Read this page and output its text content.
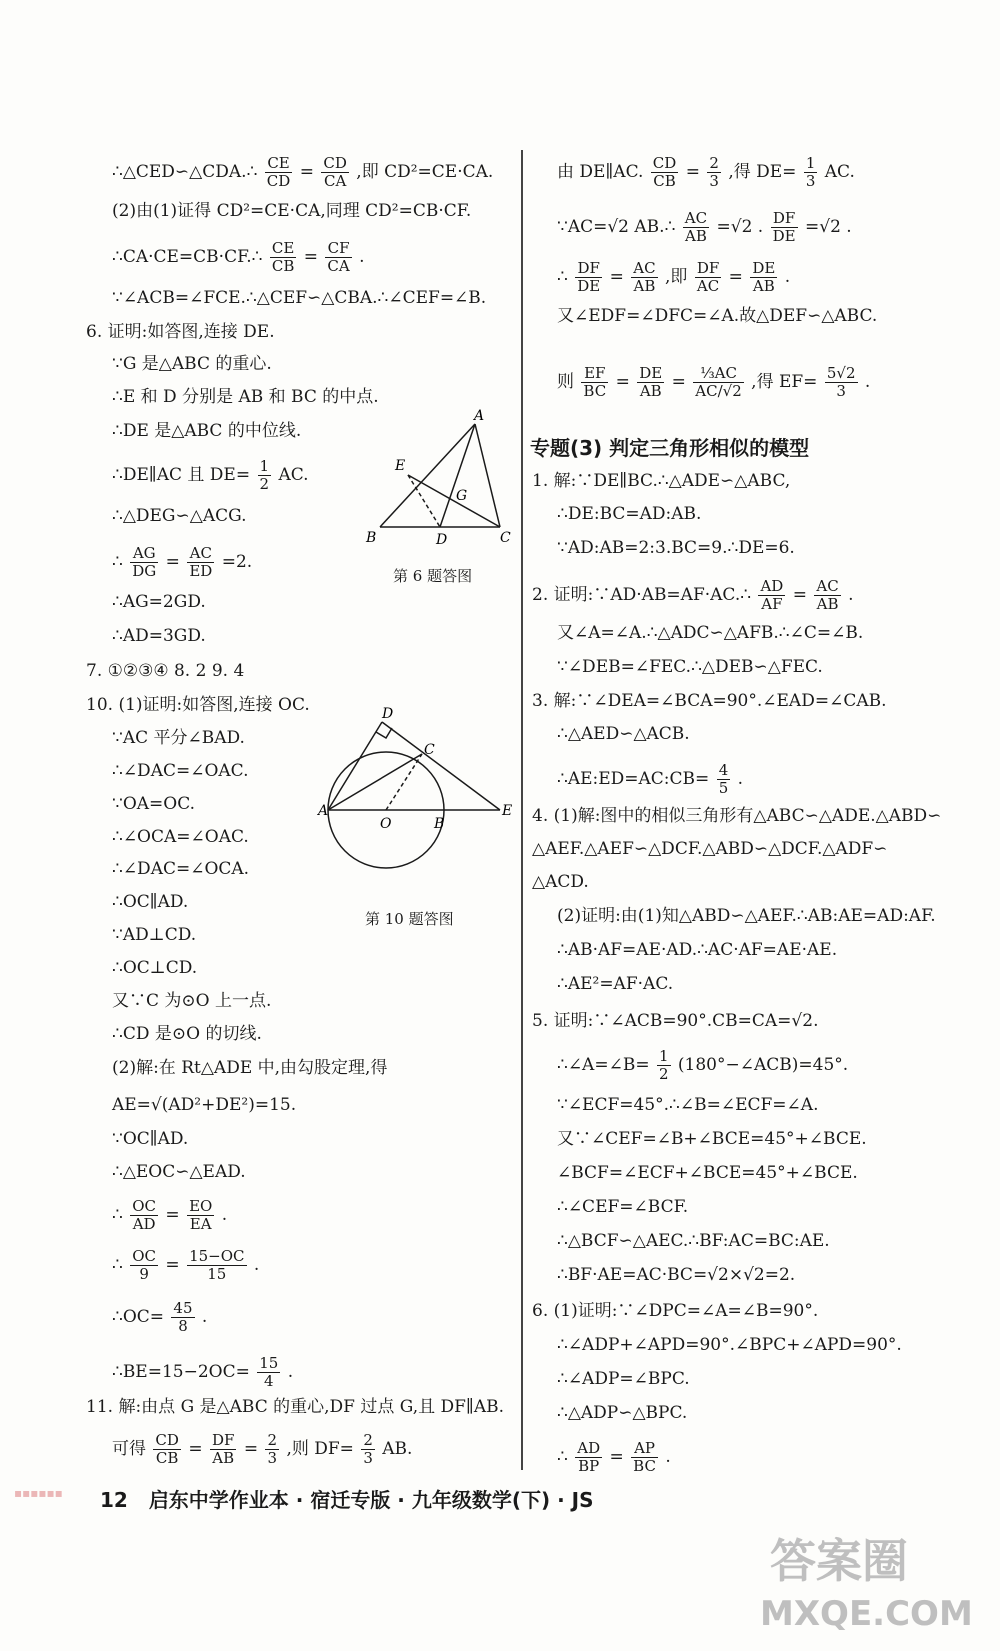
∴△CED∽△CDA.∴ $\frac{CE}{CD} = \frac{CD}{CA}$ ,即 CD²=CE·CA.
(2)由(1)证得 CD²=CE·CA,同理 CD²=CB·CF.
∴CA·CE=CB·CF.∴ $\frac{CE}{CB} = \frac{CF}{CA}$ .
∵∠ACB=∠FCE.∴△CEF∽△CBA.∴∠CEF=∠B.
6. 证明:如答图,连接 DE.
∵G 是△ABC 的重心.
∴E 和 D 分别是 AB 和 BC 的中点.
∴DE 是△ABC 的中位线.
∴DE∥AC 且 $DE= \frac{1}{2}$ AC.
∴△DEG∽△ACG.
∴ $\frac{AG}{DG} = \frac{AC}{ED} =2$.
∴AG=2GD.
∴AD=3GD.
7. ①②③④ 8. 2 9. 4
10. (1)证明:如答图,连接 OC.
∵AC 平分∠BAD.
∴∠DAC=∠OAC.
∵OA=OC.
∴∠OCA=∠OAC.
∴∠DAC=∠OCA.
∴OC∥AD.
∵AD⊥CD.
∴OC⊥CD.
又∵C 为⊙O 上一点.
∴CD 是⊙O 的切线.
(2)解:在 Rt△ADE 中,由勾股定理,得
AE=√(AD²+DE²)=15.
∵OC∥AD.
∴△EOC∽△EAD.
∴ $\frac{OC}{AD} = \frac{EO}{EA}$ .
∴ $\frac{OC}{9} = \frac{15-OC}{15}$ .
∴OC= $\frac{45}{8}$ .
∴BE=15−2OC= $\frac{15}{4}$ .
11. 解:由点 G 是△ABC 的重心,DF 过点 G,且 DF∥AB.
可得 $\frac{CD}{CB} = \frac{DF}{AB} = \frac{2}{3}$ ,则 $DF= \frac{2}{3}$ AB.
A
B	C
D
E
G
第 6 题答图
D
A	E
C
O	B
第 10 题答图
由 DE∥AC. $\frac{CD}{CB} = \frac{2}{3}$ ,得 $DE= \frac{1}{3}$ AC.
∵AC=√2 AB.∴ $\frac{AC}{AB} =√2$ . $\frac{DF}{DE} =√2$ .
∴ $\frac{DF}{DE} = \frac{AC}{AB}$ ,即 $\frac{DF}{AC} = \frac{DE}{AB}$ .
又∠EDF=∠DFC=∠A.故△DEF∽△ABC.
则 $\frac{EF}{BC} = \frac{DE}{AB} = \frac{\text{⅓AC}}{AC/√2}$ ,得 $EF= \frac{5√2}{3}$ .
专题(3) 判定三角形相似的模型
1. 解:∵DE∥BC.∴△ADE∽△ABC,
∴DE:BC=AD:AB.
∵AD:AB=2:3.BC=9.∴DE=6.
2. 证明:∵AD·AB=AF·AC.∴ $\frac{AD}{AF} = \frac{AC}{AB}$ .
又∠A=∠A.∴△ADC∽△AFB.∴∠C=∠B.
∵∠DEB=∠FEC.∴△DEB∽△FEC.
3. 解:∵∠DEA=∠BCA=90°.∠EAD=∠CAB.
∴△AED∽△ACB.
∴AE:ED=AC:CB= $\frac{4}{5}$ .
4. (1)解:图中的相似三角形有△ABC∽△ADE.△ABD∽
△AEF.△AEF∽△DCF.△ABD∽△DCF.△ADF∽
△ACD.
(2)证明:由(1)知△ABD∽△AEF.∴AB:AE=AD:AF.
∴AB·AF=AE·AD.∴AC·AF=AE·AE.
∴AE²=AF·AC.
5. 证明:∵∠ACB=90°.CB=CA=√2.
∴∠A=∠B= $\frac{1}{2}$ (180°−∠ACB)=45°.
∵∠ECF=45°.∴∠B=∠ECF=∠A.
又∵∠CEF=∠B+∠BCE=45°+∠BCE.
∠BCF=∠ECF+∠BCE=45°+∠BCE.
∴∠CEF=∠BCF.
∴△BCF∽△AEC.∴BF:AC=BC:AE.
∴BF·AE=AC·BC=√2×√2=2.
6. (1)证明:∵∠DPC=∠A=∠B=90°.
∴∠ADP+∠APD=90°.∠BPC+∠APD=90°.
∴∠ADP=∠BPC.
∴△ADP∽△BPC.
∴ $\frac{AD}{BP} = \frac{AP}{BC}$ .
▪▪▪▪▪▪	12 启东中学作业本 · 宿迁专版 · 九年级数学(下) · JS
答案圈
MXQE.COM
